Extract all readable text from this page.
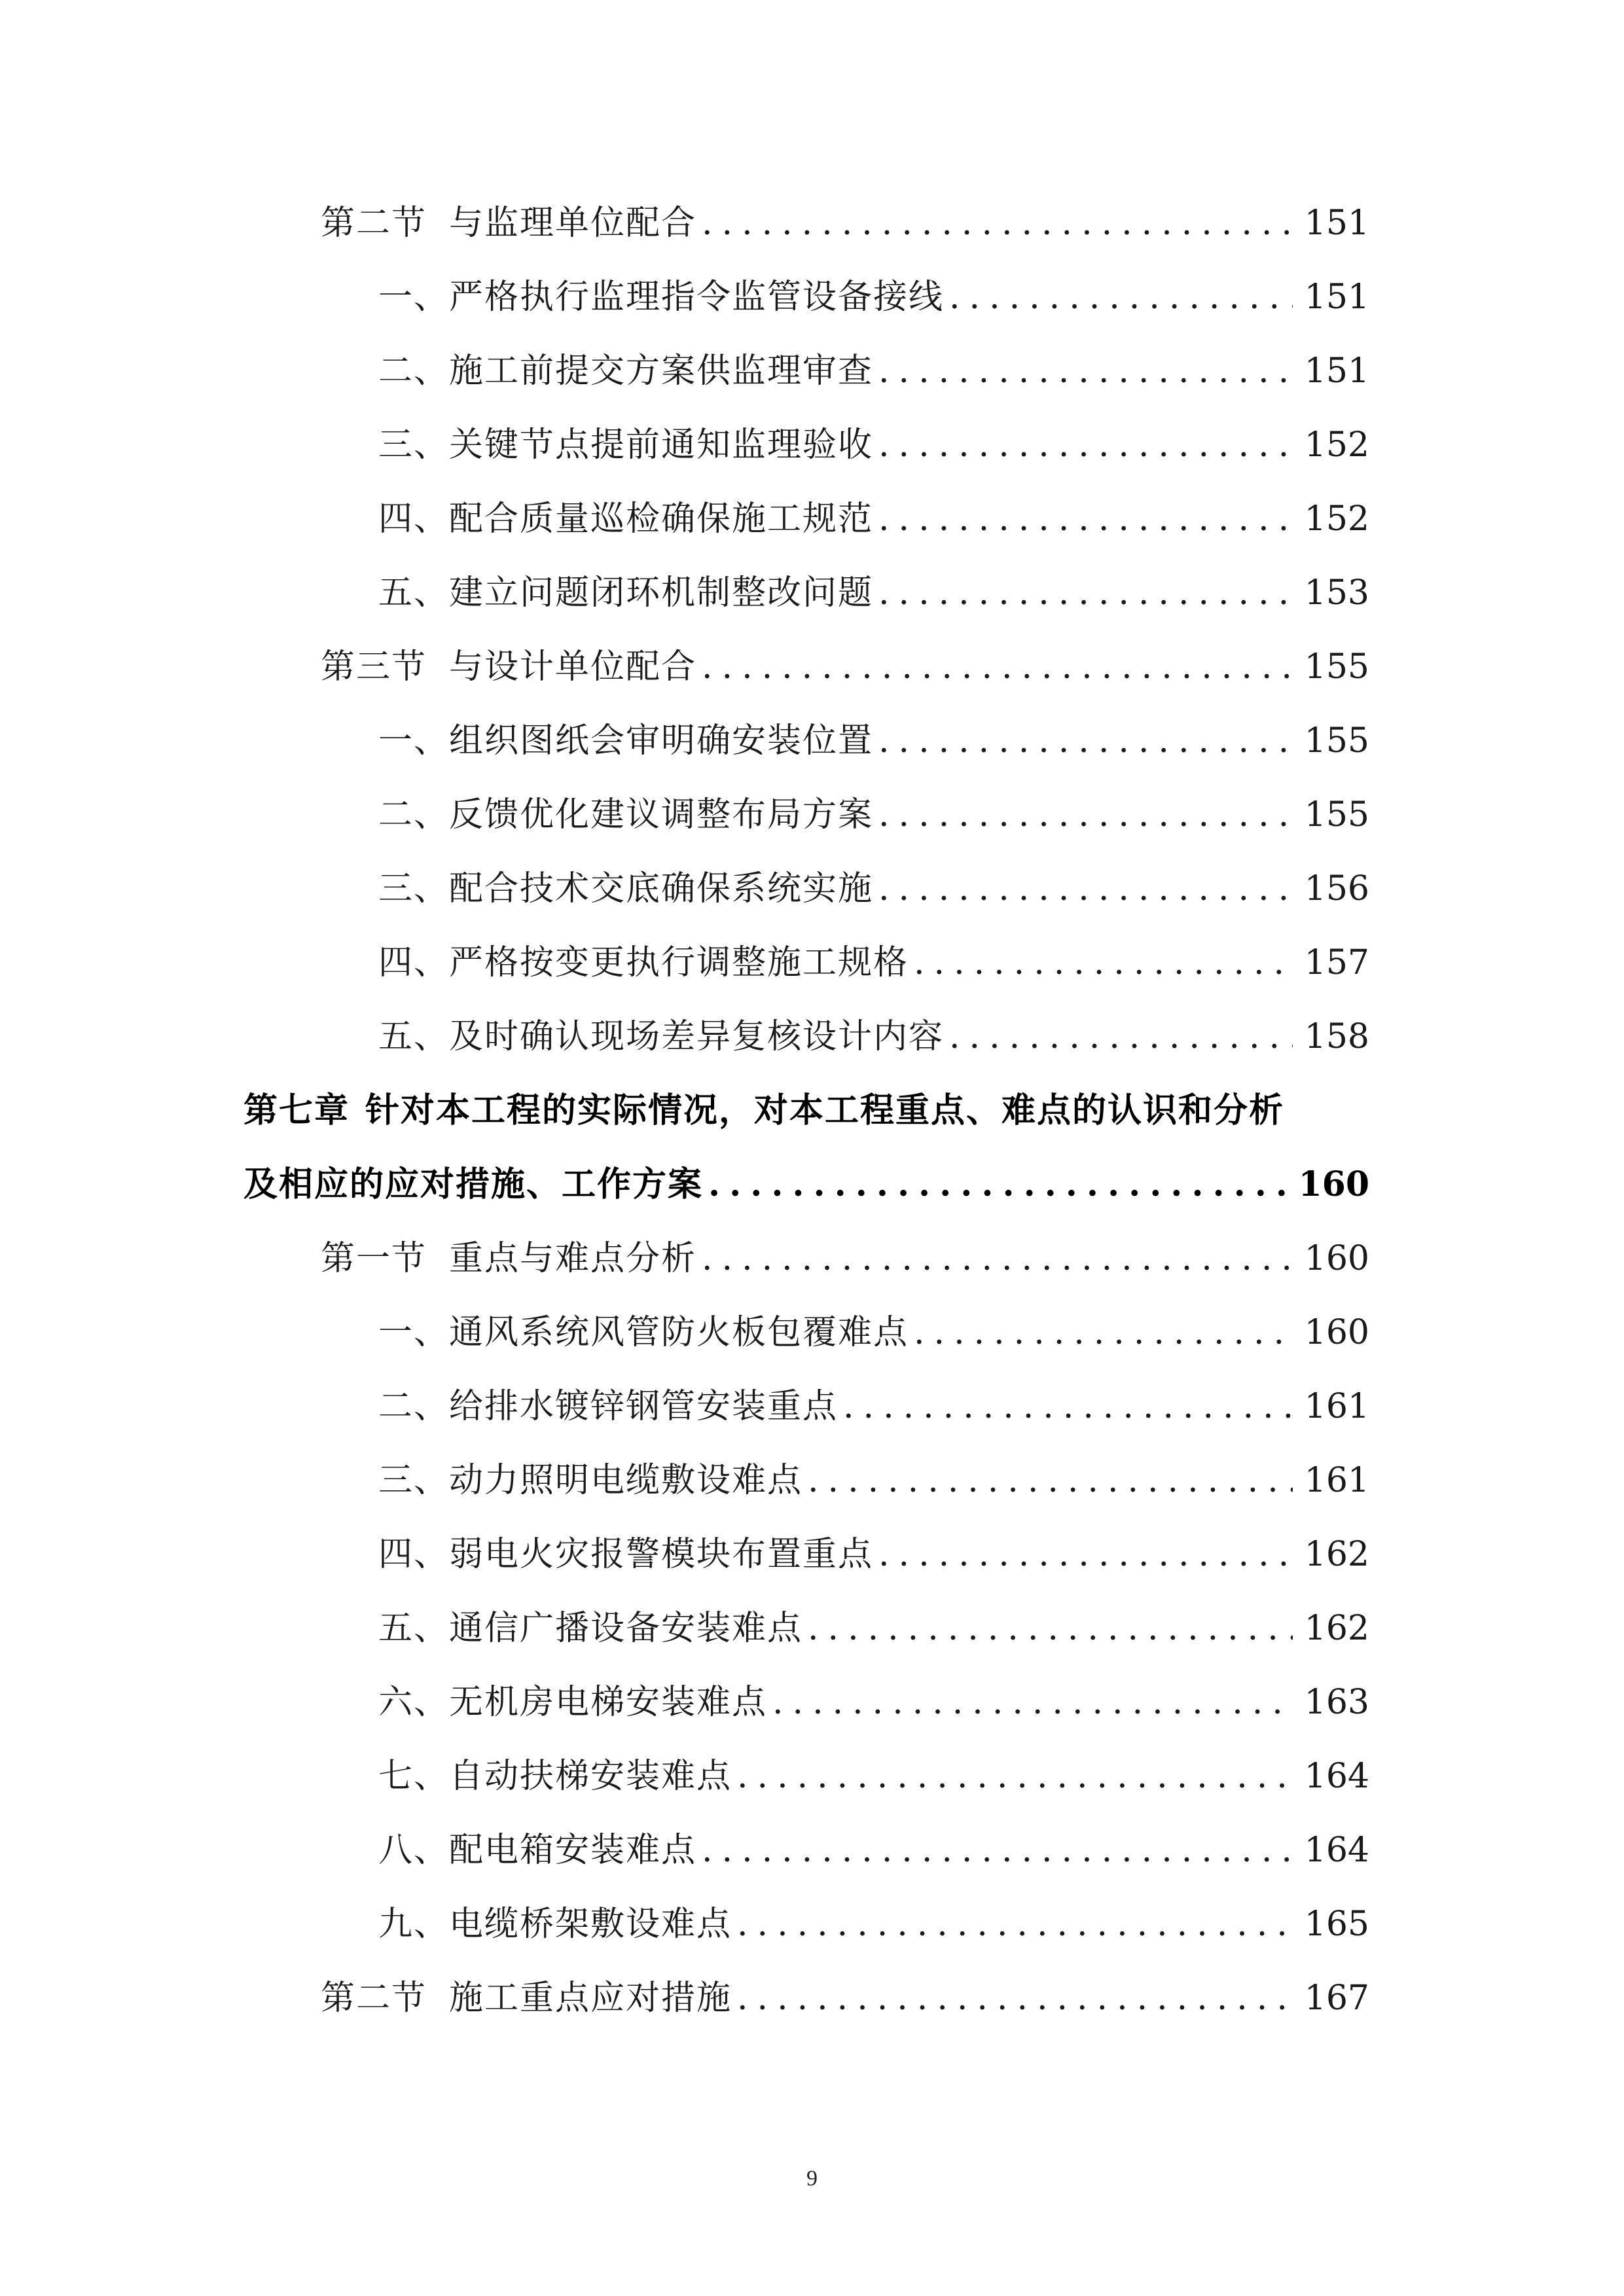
第二节 与监理单位配合 .....	151
一、严格执行监理指令监管设备接线 .....	151
二、施工前提交方案供监理审查 .....	151
三、关键节点提前通知监理验收 .....	152
四、配合质量巡检确保施工规范 .....	152
五、建立问题闭环机制整改问题 .....	153
第三节 与设计单位配合 .....	155
一、组织图纸会审明确安装位置 .....	155
二、反馈优化建议调整布局方案 .....	155
三、配合技术交底确保系统实施 .....	156
四、严格按变更执行调整施工规格 .....	157
五、及时确认现场差异复核设计内容 .....	158
第七章 针对本工程的实际情况，对本工程重点、难点的认识和分析
及相应的应对措施、工作方案 .....	160
第一节 重点与难点分析 .....	160
一、通风系统风管防火板包覆难点 .....	160
二、给排水镀锌钢管安装重点 .....	161
三、动力照明电缆敷设难点 .....	161
四、弱电火灾报警模块布置重点 .....	162
五、通信广播设备安装难点 .....	162
六、无机房电梯安装难点 .....	163
七、自动扶梯安装难点 .....	164
八、配电箱安装难点 .....	164
九、电缆桥架敷设难点 .....	165
第二节 施工重点应对措施 .....	167
9
